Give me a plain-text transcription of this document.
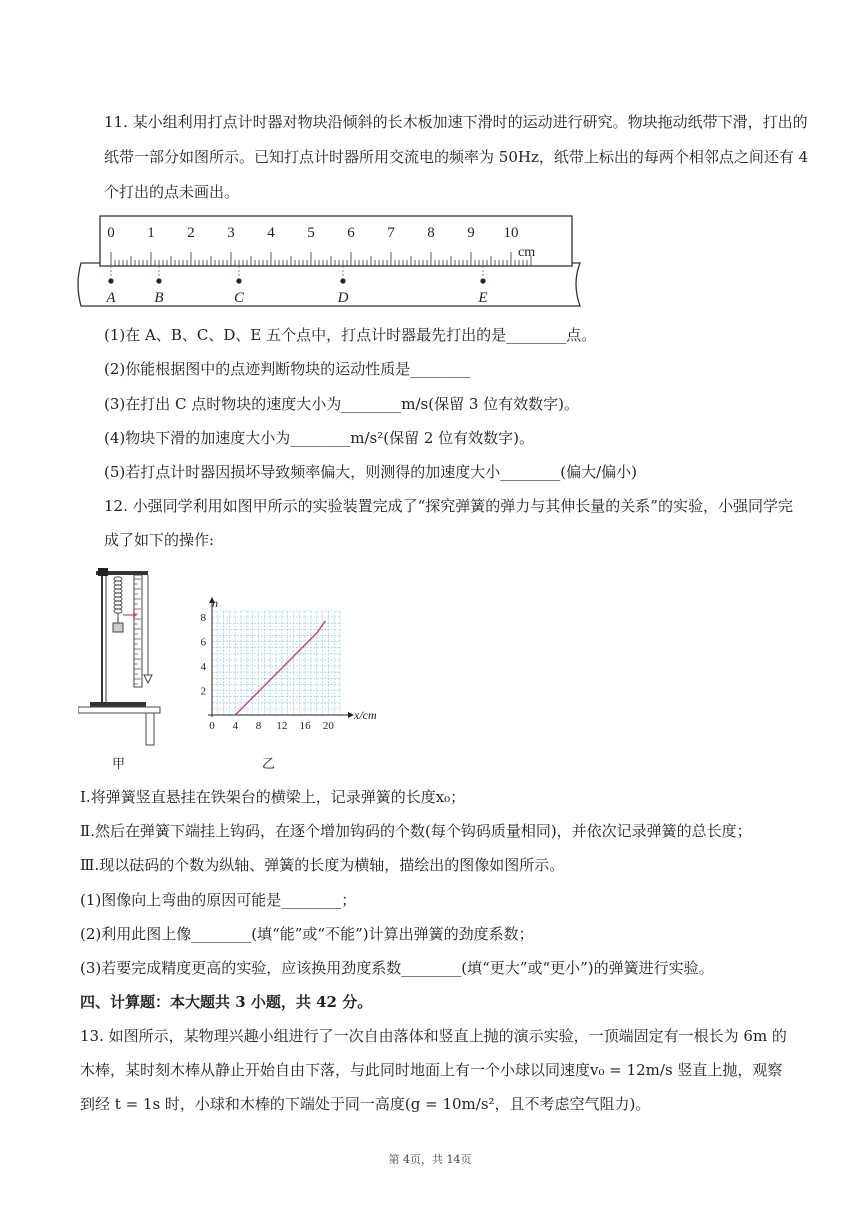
11. 某小组利用打点计时器对物块沿倾斜的长木板加速下滑时的运动进行研究。物块拖动纸带下滑，打出的
纸带一部分如图所示。已知打点计时器所用交流电的频率为 50Hz，纸带上标出的每两个相邻点之间还有 4
个打出的点未画出。
0 1 2 3 4 5 6 7 8 9 10
cm
A	B	C	D	E
(1)在 A、B、C、D、E 五个点中，打点计时器最先打出的是________点。
(2)你能根据图中的点迹判断物块的运动性质是________
(3)在打出 C 点时物块的速度大小为________m/s(保留 3 位有效数字)。
(4)物块下滑的加速度大小为________m/s²(保留 2 位有效数字)。
(5)若打点计时器因损坏导致频率偏大，则测得的加速度大小________(偏大/偏小)
12. 小强同学利用如图甲所示的实验装置完成了“探究弹簧的弹力与其伸长量的关系”的实验，小强同学完
成了如下的操作:
甲
0 4 8 12 16 20
2
4
6
8
x/cm
n
乙
Ⅰ.将弹簧竖直悬挂在铁架台的横梁上，记录弹簧的长度x₀；
Ⅱ.然后在弹簧下端挂上钩码，在逐个增加钩码的个数(每个钩码质量相同)，并依次记录弹簧的总长度；
Ⅲ.现以砝码的个数为纵轴、弹簧的长度为横轴，描绘出的图像如图所示。
(1)图像向上弯曲的原因可能是________；
(2)利用此图上像________(填“能”或“不能”)计算出弹簧的劲度系数；
(3)若要完成精度更高的实验，应该换用劲度系数________(填“更大”或“更小”)的弹簧进行实验。
四、计算题：本大题共 3 小题，共 42 分。
13. 如图所示，某物理兴趣小组进行了一次自由落体和竖直上抛的演示实验，一顶端固定有一根长为 6m 的
木棒，某时刻木棒从静止开始自由下落，与此同时地面上有一个小球以同速度v₀ = 12m/s 竖直上抛，观察
到经 t = 1s 时，小球和木棒的下端处于同一高度(g = 10m/s²，且不考虑空气阻力)。
第 4页，共 14页
